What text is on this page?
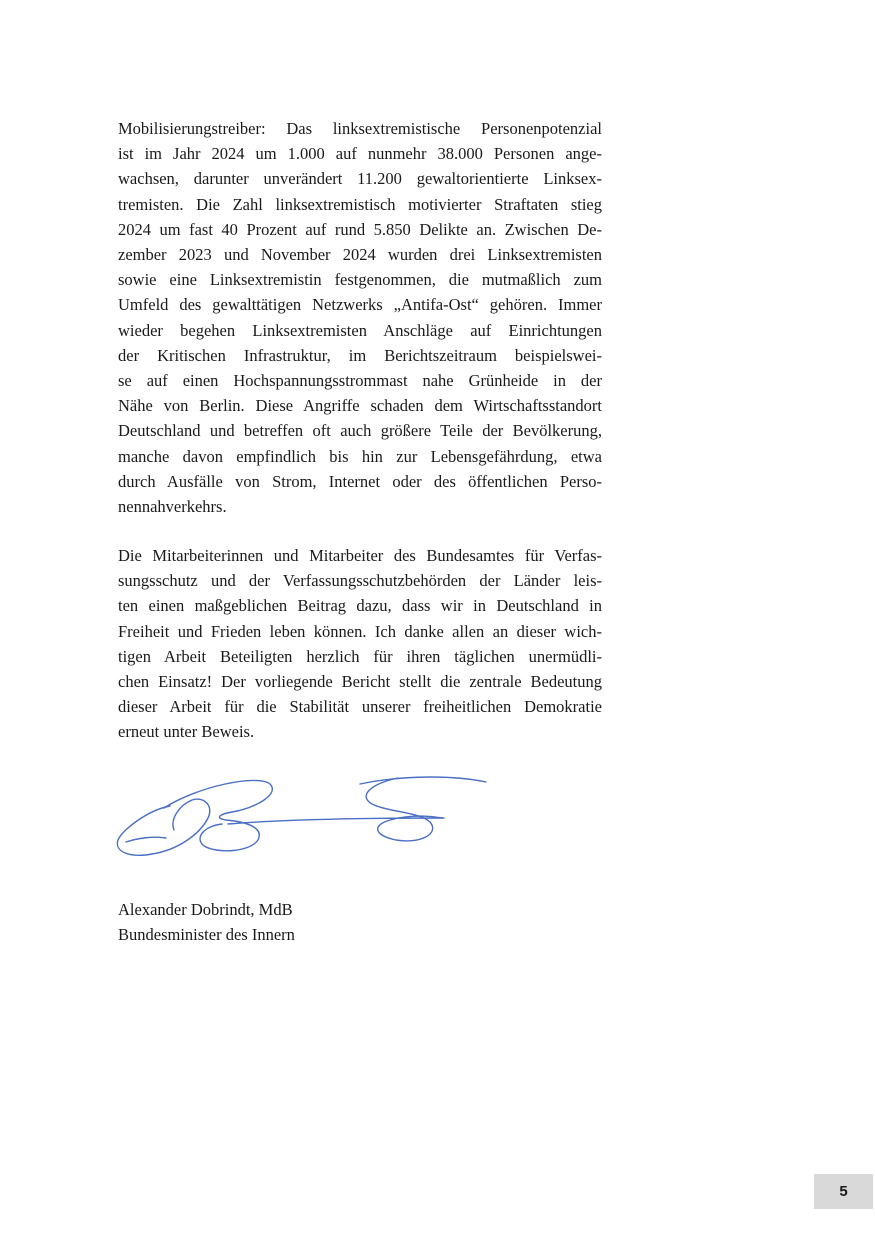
Mobilisierungstreiber: Das linksextremistische Personenpotenzial
ist im Jahr 2024 um 1.000 auf nunmehr 38.000 Personen ange-
wachsen, darunter unverändert 11.200 gewaltorientierte Linksex-
tremisten. Die Zahl linksextremistisch motivierter Straftaten stieg
2024 um fast 40 Prozent auf rund 5.850 Delikte an. Zwischen De-
zember 2023 und November 2024 wurden drei Linksextremisten
sowie eine Linksextremistin festgenommen, die mutmaßlich zum
Umfeld des gewalttätigen Netzwerks „Antifa-Ost“ gehören. Immer
wieder begehen Linksextremisten Anschläge auf Einrichtungen
der Kritischen Infrastruktur, im Berichtszeitraum beispielswei-
se auf einen Hochspannungsstrommast nahe Grünheide in der
Nähe von Berlin. Diese Angriffe schaden dem Wirtschaftsstandort
Deutschland und betreffen oft auch größere Teile der Bevölkerung,
manche davon empfindlich bis hin zur Lebensgefährdung, etwa
durch Ausfälle von Strom, Internet oder des öffentlichen Perso-
nennahverkehrs.
Die Mitarbeiterinnen und Mitarbeiter des Bundesamtes für Verfas-
sungsschutz und der Verfassungsschutzbehörden der Länder leis-
ten einen maßgeblichen Beitrag dazu, dass wir in Deutschland in
Freiheit und Frieden leben können. Ich danke allen an dieser wich-
tigen Arbeit Beteiligten herzlich für ihren täglichen unermüdli-
chen Einsatz! Der vorliegende Bericht stellt die zentrale Bedeutung
dieser Arbeit für die Stabilität unserer freiheitlichen Demokratie
erneut unter Beweis.
Alexander Dobrindt, MdB
Bundesminister des Innern
5
